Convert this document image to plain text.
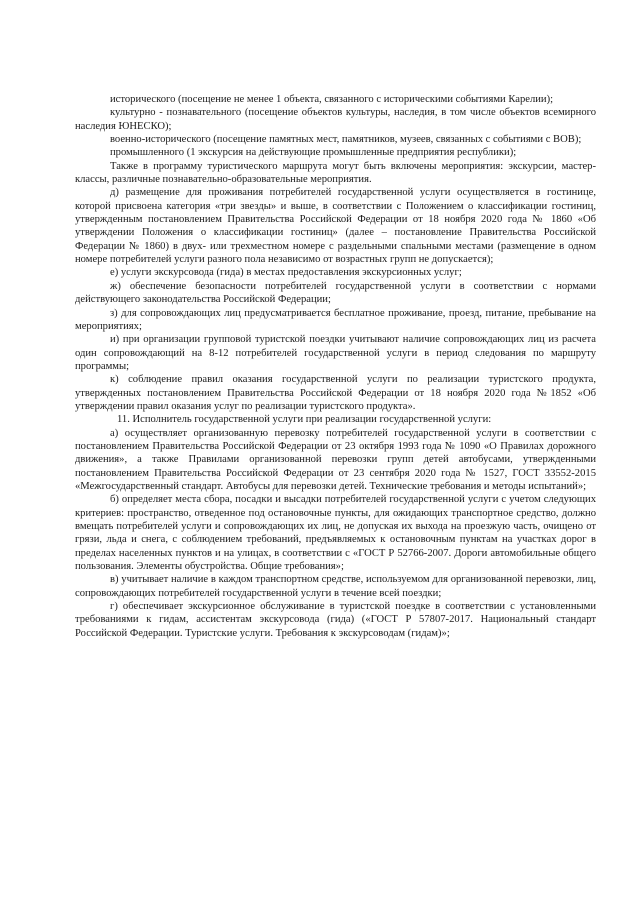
исторического (посещение не менее 1 объекта, связанного с историческими событиями Карелии);

культурно - познавательного (посещение объектов культуры, наследия, в том числе объектов всемирного наследия ЮНЕСКО);

военно-исторического (посещение памятных мест, памятников, музеев, связанных с событиями с ВОВ);

промышленного (1 экскурсия на действующие промышленные предприятия республики);

Также в программу туристического маршрута могут быть включены мероприятия: экскурсии, мастер-классы, различные познавательно-образовательные мероприятия.

д) размещение для проживания потребителей государственной услуги осуществляется в гостинице, которой присвоена категория «три звезды» и выше, в соответствии с Положением о классификации гостиниц, утвержденным постановлением Правительства Российской Федерации от 18 ноября 2020 года № 1860 «Об утверждении Положения о классификации гостиниц» (далее – постановление Правительства Российской Федерации № 1860) в двух- или трехместном номере с раздельными спальными местами (размещение в одном номере потребителей услуги разного пола независимо от возрастных групп не допускается);

е) услуги экскурсовода (гида) в местах предоставления экскурсионных услуг;

ж) обеспечение безопасности потребителей государственной услуги в соответствии с нормами действующего законодательства Российской Федерации;

з) для сопровождающих лиц предусматривается бесплатное проживание, проезд, питание, пребывание на мероприятиях;

и) при организации групповой туристской поездки учитывают наличие сопровождающих лиц из расчета один сопровождающий на 8-12 потребителей государственной услуги в период следования по маршруту программы;

к) соблюдение правил оказания государственной услуги по реализации туристского продукта, утвержденных постановлением Правительства Российской Федерации от 18 ноября 2020 года №1852 «Об утверждении правил оказания услуг по реализации туристского продукта».

11. Исполнитель государственной услуги при реализации государственной услуги:

а) осуществляет организованную перевозку потребителей государственной услуги в соответствии с постановлением Правительства Российской Федерации от 23 октября 1993 года № 1090 «О Правилах дорожного движения», а также Правилами организованной перевозки групп детей автобусами, утвержденными постановлением Правительства Российской Федерации от 23 сентября 2020 года № 1527, ГОСТ 33552-2015 «Межгосударственный стандарт. Автобусы для перевозки детей. Технические требования и методы испытаний»;

б) определяет места сбора, посадки и высадки потребителей государственной услуги с учетом следующих критериев: пространство, отведенное под остановочные пункты, для ожидающих транспортное средство, должно вмещать потребителей услуги и сопровождающих их лиц, не допуская их выхода на проезжую часть, очищено от грязи, льда и снега, с соблюдением требований, предъявляемых к остановочным пунктам на участках дорог в пределах населенных пунктов и на улицах, в соответствии с «ГОСТ Р 52766-2007. Дороги автомобильные общего пользования. Элементы обустройства. Общие требования»;

в) учитывает наличие в каждом транспортном средстве, используемом для организованной перевозки, лиц, сопровождающих потребителей государственной услуги в течение всей поездки;

г) обеспечивает экскурсионное обслуживание в туристской поездке в соответствии с установленными требованиями к гидам, ассистентам экскурсовода (гида) («ГОСТ Р 57807-2017. Национальный стандарт Российской Федерации. Туристские услуги. Требования к экскурсоводам (гидам)»;
